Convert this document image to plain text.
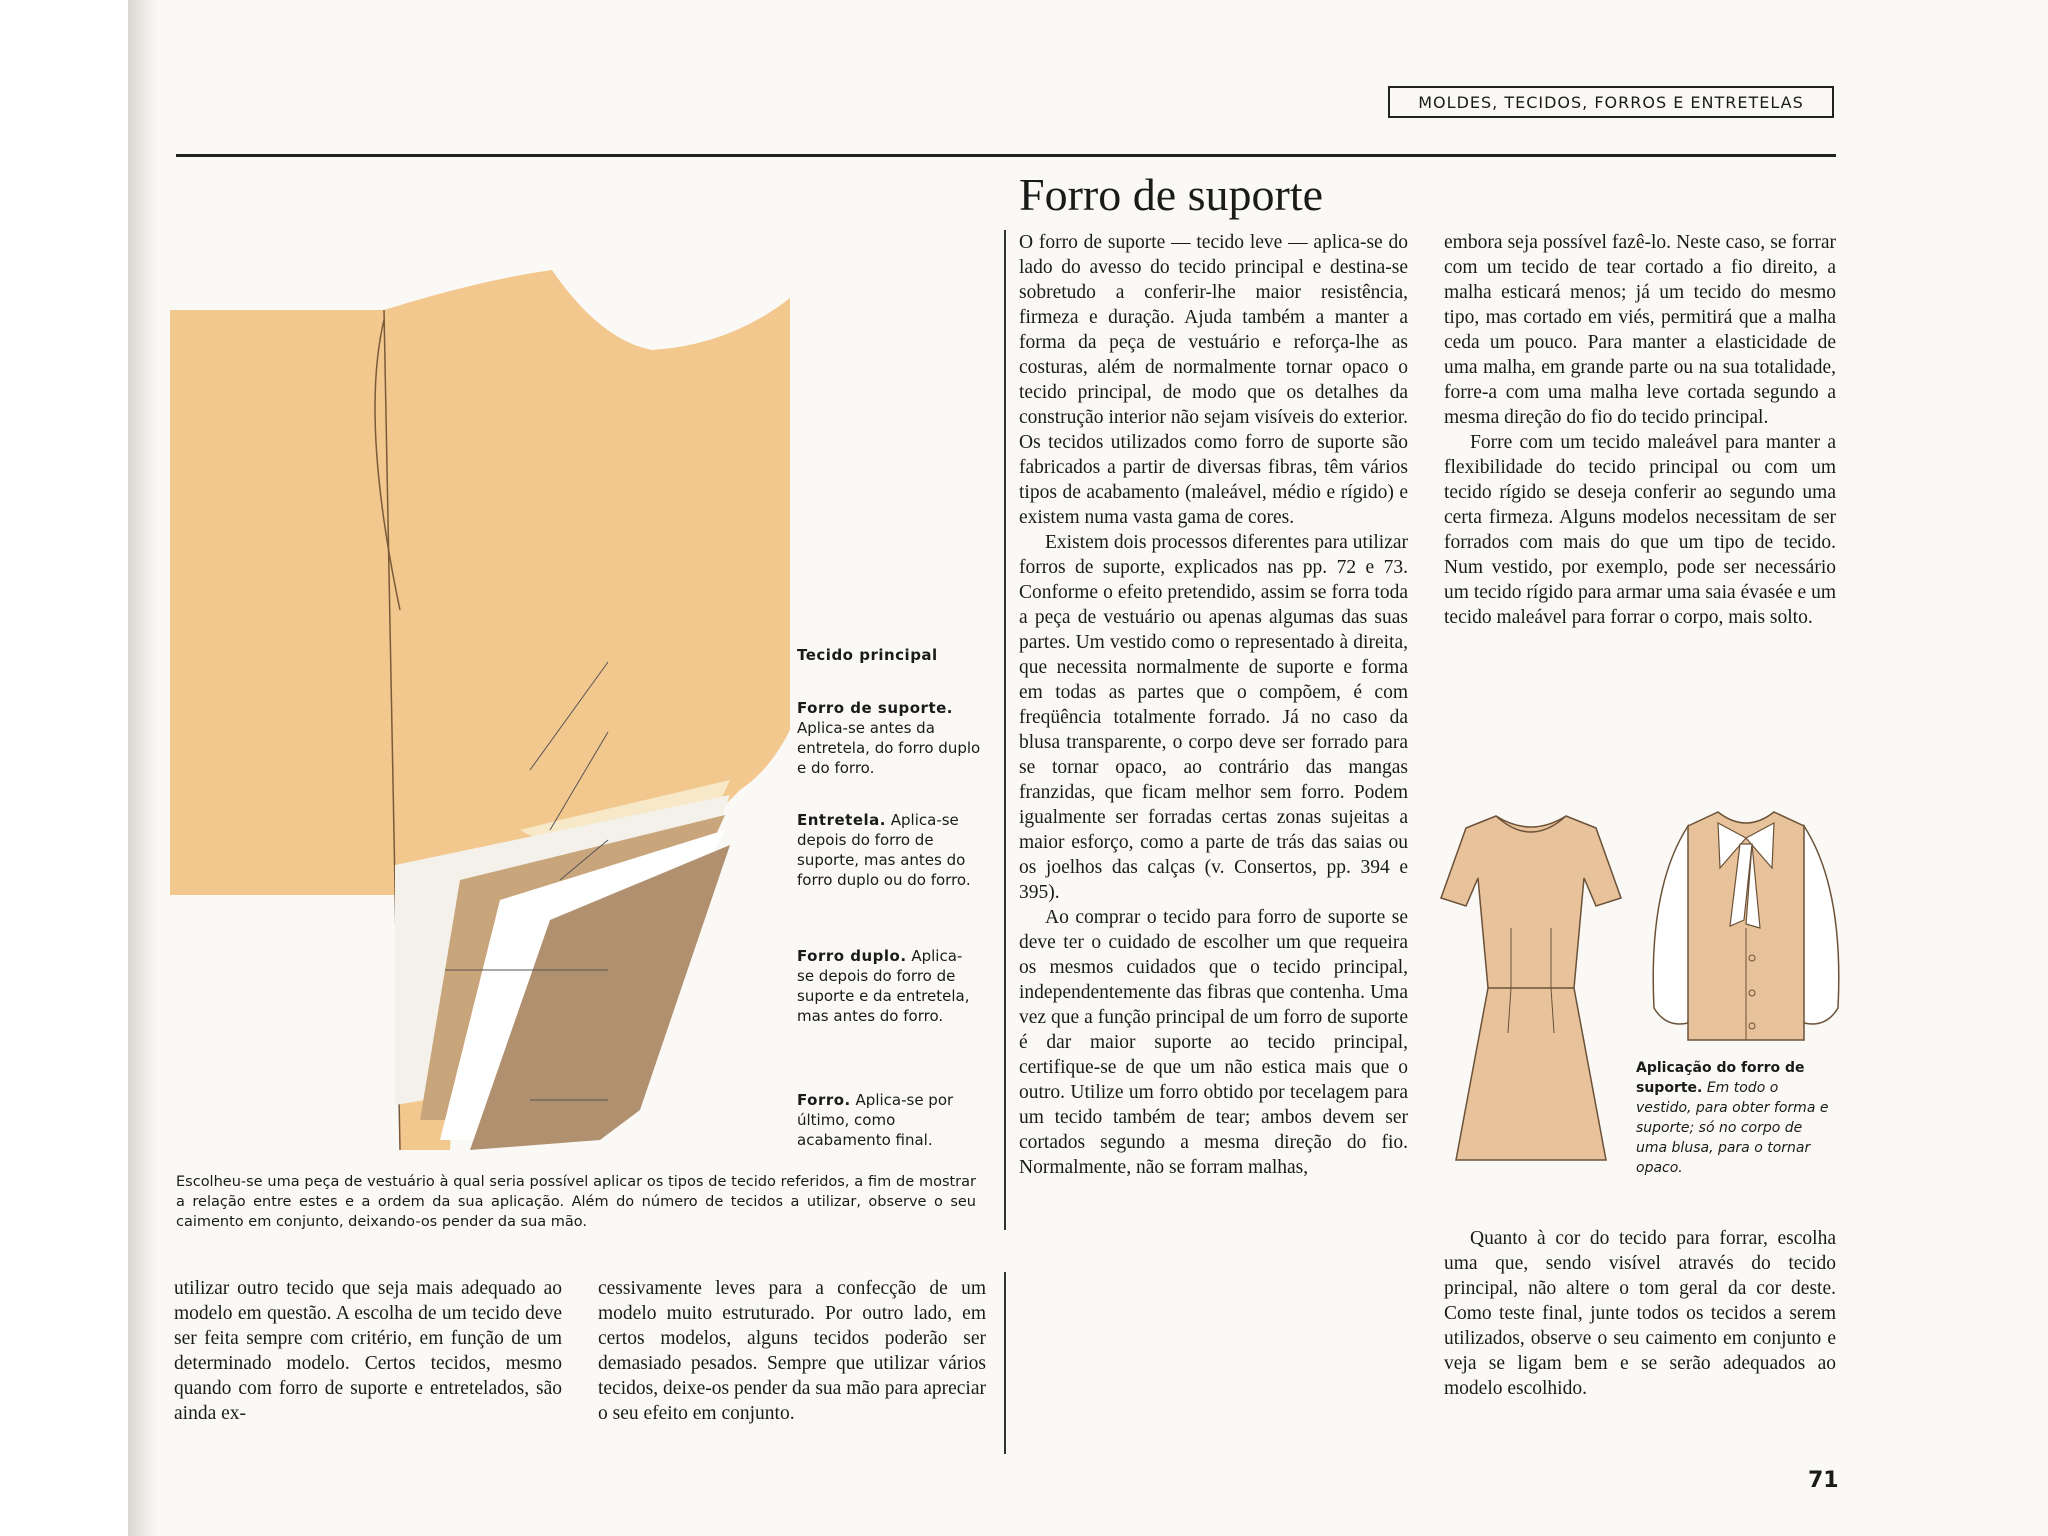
MOLDES, TECIDOS, FORROS E ENTRETELAS
Tecido principal
Forro de suporte. Aplica-se antes da entretela, do forro duplo e do forro.
Entretela. Aplica-se depois do forro de suporte, mas antes do forro duplo ou do forro.
Forro duplo. Aplica-se depois do forro de suporte e da entretela, mas antes do forro.
Forro. Aplica-se por último, como acabamento final.
Escolheu-se uma peça de vestuário à qual seria possível aplicar os tipos de tecido referidos, a fim de mostrar a relação entre estes e a ordem da sua aplicação. Além do número de tecidos a utilizar, observe o seu caimento em conjunto, deixando-os pender da sua mão.

utilizar outro tecido que seja mais adequado ao modelo em questão. A escolha de um tecido deve ser feita sempre com critério, em função de um determinado modelo. Certos tecidos, mesmo quando com forro de suporte e entretelados, são ainda ex-

cessivamente leves para a confecção de um modelo muito estruturado. Por outro lado, em certos modelos, alguns tecidos poderão ser demasiado pesados. Sempre que utilizar vários tecidos, deixe-os pender da sua mão para apreciar o seu efeito em conjunto.

Forro de suporte

O forro de suporte — tecido leve — aplica-se do lado do avesso do tecido principal e destina-se sobretudo a conferir-lhe maior resistência, firmeza e duração. Ajuda também a manter a forma da peça de vestuário e reforça-lhe as costuras, além de normalmente tornar opaco o tecido principal, de modo que os detalhes da construção interior não sejam visíveis do exterior. Os tecidos utilizados como forro de suporte são fabricados a partir de diversas fibras, têm vários tipos de acabamento (maleável, médio e rígido) e existem numa vasta gama de cores.

Existem dois processos diferentes para utilizar forros de suporte, explicados nas pp. 72 e 73. Conforme o efeito pretendido, assim se forra toda a peça de vestuário ou apenas algumas das suas partes. Um vestido como o representado à direita, que necessita normalmente de suporte e forma em todas as partes que o compõem, é com freqüência totalmente forrado. Já no caso da blusa transparente, o corpo deve ser forrado para se tornar opaco, ao contrário das mangas franzidas, que ficam melhor sem forro. Podem igualmente ser forradas certas zonas sujeitas a maior esforço, como a parte de trás das saias ou os joelhos das calças (v. Consertos, pp. 394 e 395).

Ao comprar o tecido para forro de suporte se deve ter o cuidado de escolher um que requeira os mesmos cuidados que o tecido principal, independentemente das fibras que contenha. Uma vez que a função principal de um forro de suporte é dar maior suporte ao tecido principal, certifique-se de que um não estica mais que o outro. Utilize um forro obtido por tecelagem para um tecido também de tear; ambos devem ser cortados segundo a mesma direção do fio. Normalmente, não se forram malhas,

embora seja possível fazê-lo. Neste caso, se forrar com um tecido de tear cortado a fio direito, a malha esticará menos; já um tecido do mesmo tipo, mas cortado em viés, permitirá que a malha ceda um pouco. Para manter a elasticidade de uma malha, em grande parte ou na sua totalidade, forre-a com uma malha leve cortada segundo a mesma direção do fio do tecido principal.

Forre com um tecido maleável para manter a flexibilidade do tecido principal ou com um tecido rígido se deseja conferir ao segundo uma certa firmeza. Alguns modelos necessitam de ser forrados com mais do que um tipo de tecido. Num vestido, por exemplo, pode ser necessário um tecido rígido para armar uma saia évasée e um tecido maleável para forrar o corpo, mais solto.

Aplicação do forro de suporte. Em todo o vestido, para obter forma e suporte; só no corpo de uma blusa, para o tornar opaco.

Quanto à cor do tecido para forrar, escolha uma que, sendo visível através do tecido principal, não altere o tom geral da cor deste. Como teste final, junte todos os tecidos a serem utilizados, observe o seu caimento em conjunto e veja se ligam bem e se serão adequados ao modelo escolhido.

71
